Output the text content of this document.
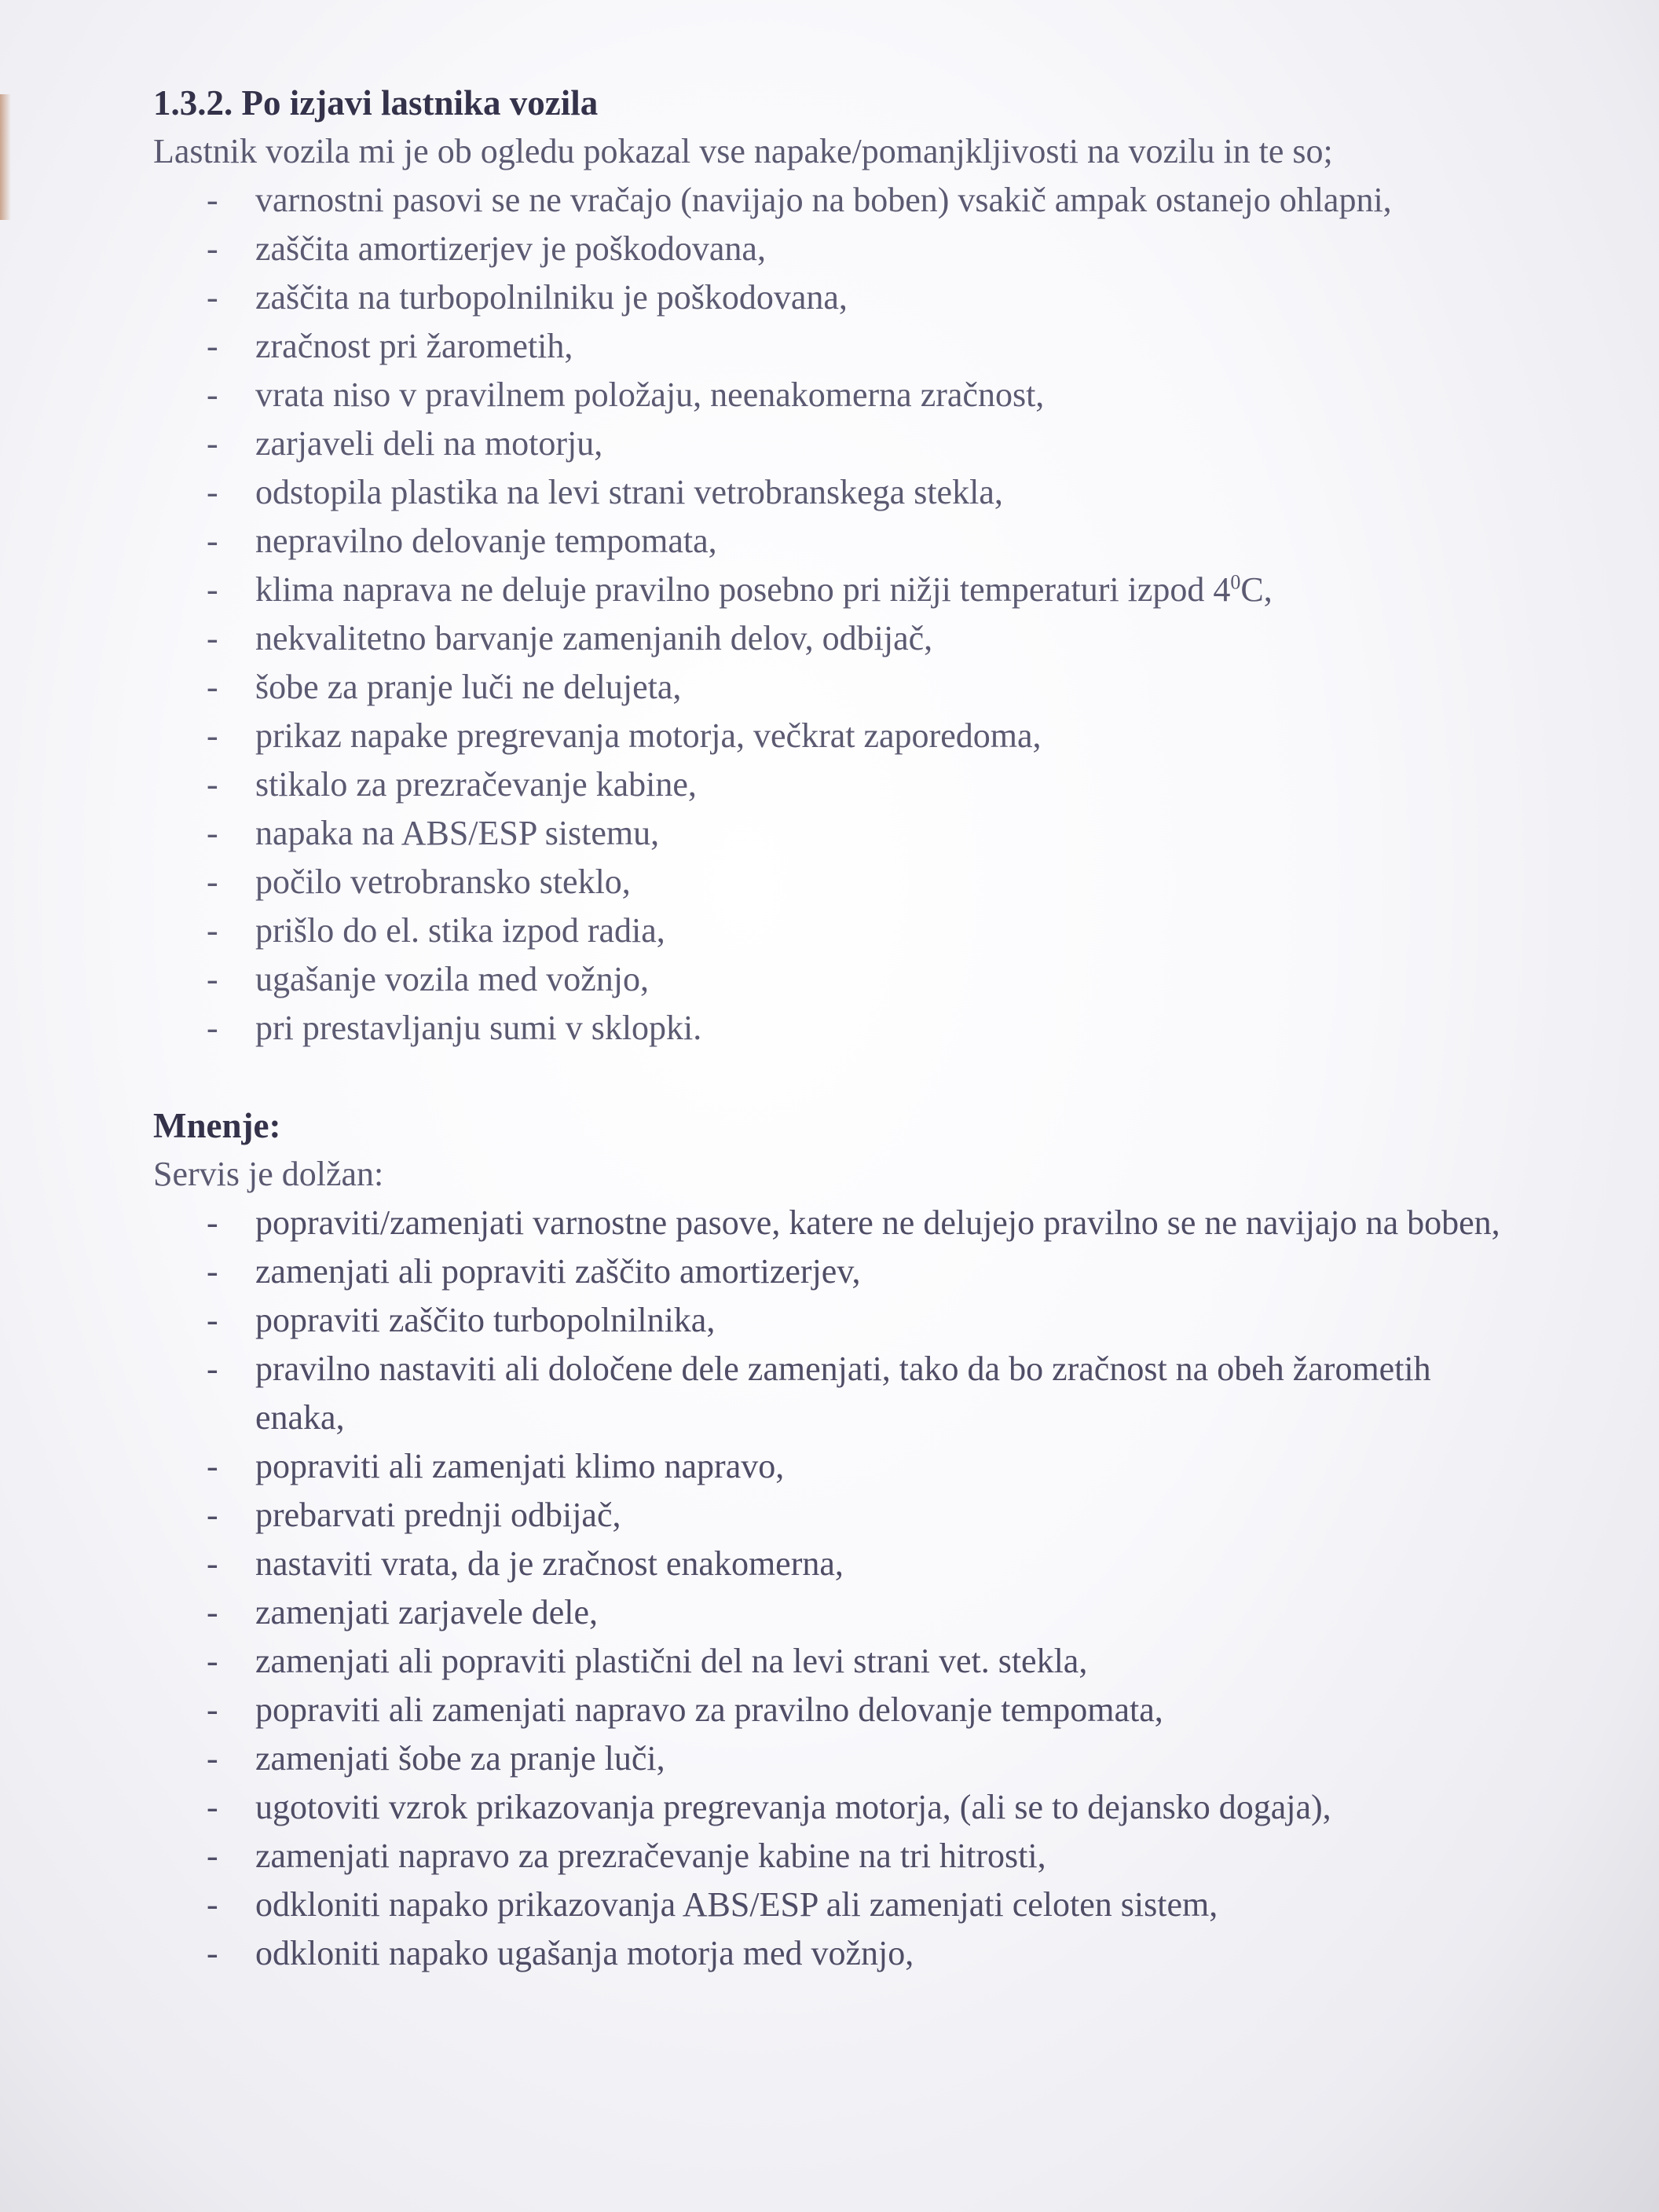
1.3.2. Po izjavi lastnika vozila

Lastnik vozila mi je ob ogledu pokazal vse napake/pomanjkljivosti na vozilu in te so;

- varnostni pasovi se ne vračajo (navijajo na boben) vsakič ampak ostanejo ohlapni,
- zaščita amortizerjev je poškodovana,
- zaščita na turbopolnilniku je poškodovana,
- zračnost pri žarometih,
- vrata niso v pravilnem položaju, neenakomerna zračnost,
- zarjaveli deli na motorju,
- odstopila plastika na levi strani vetrobranskega stekla,
- nepravilno delovanje tempomata,
- klima naprava ne deluje pravilno posebno pri nižji temperaturi izpod $4^0C$,
- nekvalitetno barvanje zamenjanih delov, odbijač,
- šobe za pranje luči ne delujeta,
- prikaz napake pregrevanja motorja, večkrat zaporedoma,
- stikalo za prezračevanje kabine,
- napaka na ABS/ESP sistemu,
- počilo vetrobransko steklo,
- prišlo do el. stika izpod radia,
- ugašanje vozila med vožnjo,
- pri prestavljanju sumi v sklopki.

Mnenje:

Servis je dolžan:

- popraviti/zamenjati varnostne pasove, katere ne delujejo pravilno se ne navijajo na boben,
- zamenjati ali popraviti zaščito amortizerjev,
- popraviti zaščito turbopolnilnika,
- pravilno nastaviti ali določene dele zamenjati, tako da bo zračnost na obeh žarometih enaka,
- popraviti ali zamenjati klimo napravo,
- prebarvati prednji odbijač,
- nastaviti vrata, da je zračnost enakomerna,
- zamenjati zarjavele dele,
- zamenjati ali popraviti plastični del na levi strani vet. stekla,
- popraviti ali zamenjati napravo za pravilno delovanje tempomata,
- zamenjati šobe za pranje luči,
- ugotoviti vzrok prikazovanja pregrevanja motorja, (ali se to dejansko dogaja),
- zamenjati napravo za prezračevanje kabine na tri hitrosti,
- odkloniti napako prikazovanja ABS/ESP ali zamenjati celoten sistem,
- odkloniti napako ugašanja motorja med vožnjo,
